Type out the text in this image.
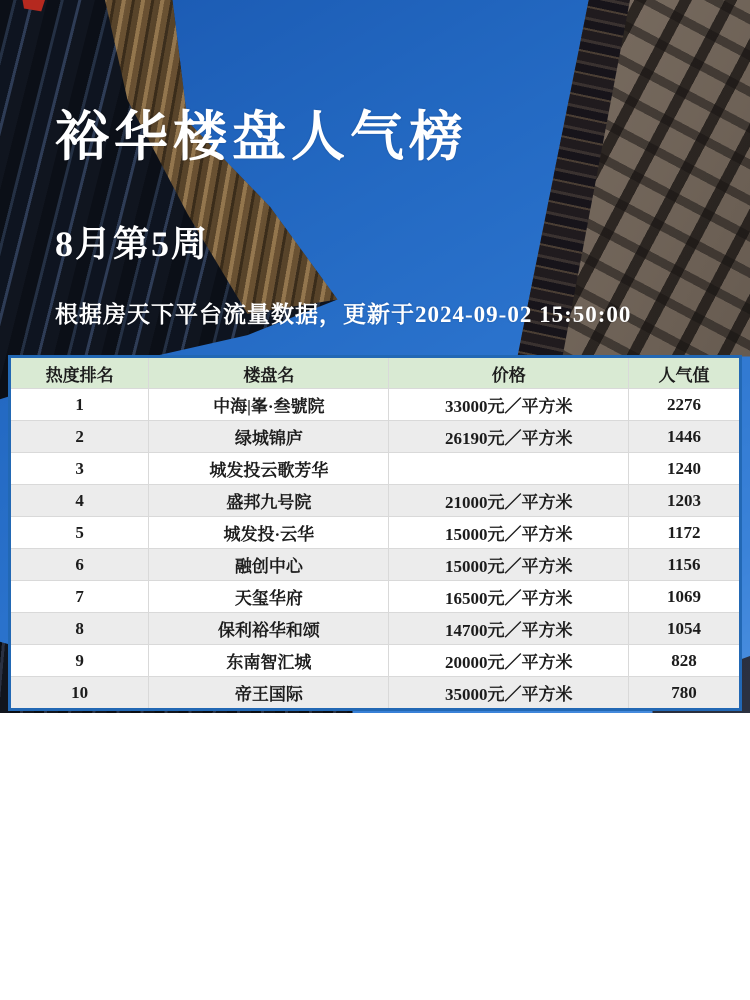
裕华楼盘人气榜
8月第5周
根据房天下平台流量数据，更新于2024-09-02 15:50:00
热度排名	楼盘名	价格	人气值
1	中海|峯·叁號院	33000元／平方米	2276
2	绿城锦庐	26190元／平方米	1446
3	城发投云歌芳华		1240
4	盛邦九号院	21000元／平方米	1203
5	城发投·云华	15000元／平方米	1172
6	融创中心	15000元／平方米	1156
7	天玺华府	16500元／平方米	1069
8	保利裕华和颂	14700元／平方米	1054
9	东南智汇城	20000元／平方米	828
10	帝王国际	35000元／平方米	780
